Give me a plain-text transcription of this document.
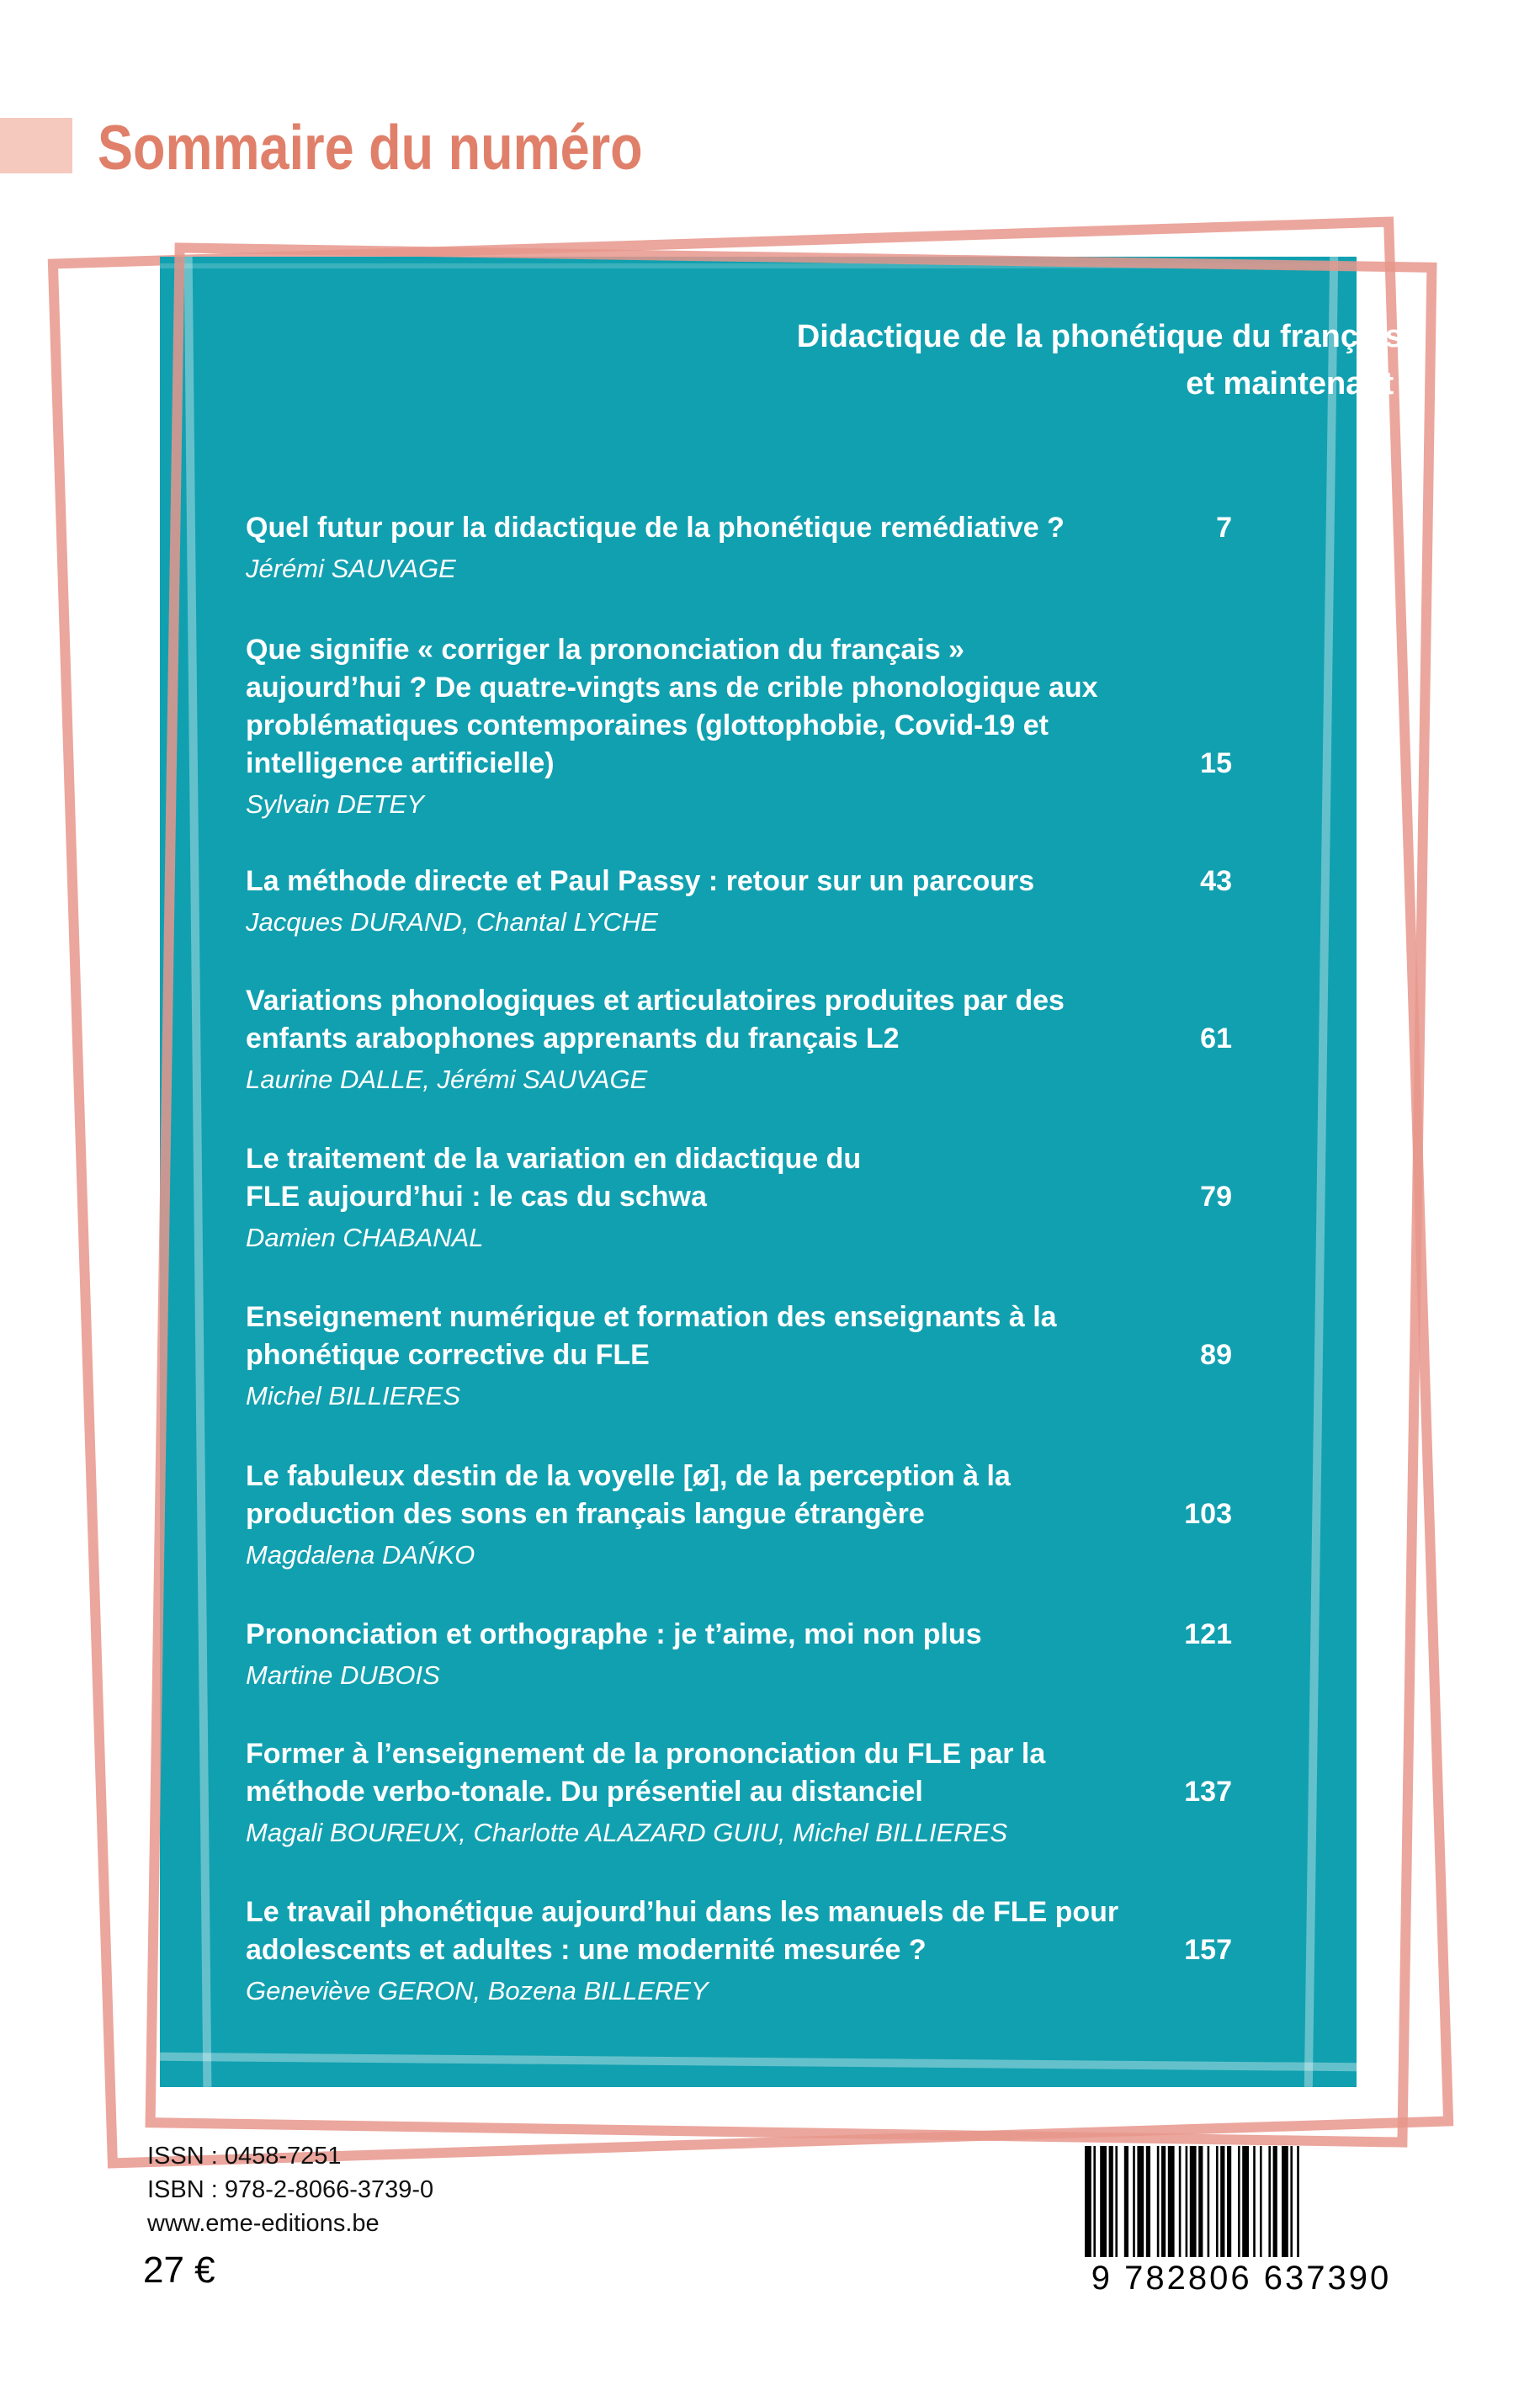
Sommaire du numéro
Didactique de la phonétique du français :
et maintenant ?

Quel futur pour la didactique de la phonétique remédiative ?	7

Jérémi SAUVAGE

Que signifie « corriger la prononciation du français » aujourd’hui ? De quatre-vingts ans de crible phonologique aux problématiques contemporaines (glottophobie, Covid-19 et intelligence artificielle)	15

Sylvain DETEY

La méthode directe et Paul Passy : retour sur un parcours	43

Jacques DURAND, Chantal LYCHE

Variations phonologiques et articulatoires produites par des enfants arabophones apprenants du français L2	61

Laurine DALLE, Jérémi SAUVAGE

Le traitement de la variation en didactique du FLE aujourd’hui : le cas du schwa	79

Damien CHABANAL

Enseignement numérique et formation des enseignants à la phonétique corrective du FLE	89

Michel BILLIERES

Le fabuleux destin de la voyelle [ø], de la perception à la production des sons en français langue étrangère	103

Magdalena DAŃKO

Prononciation et orthographe : je t’aime, moi non plus	121

Martine DUBOIS

Former à l’enseignement de la prononciation du FLE par la méthode verbo-tonale. Du présentiel au distanciel	137

Magali BOUREUX, Charlotte ALAZARD GUIU, Michel BILLIERES

Le travail phonétique aujourd’hui dans les manuels de FLE pour adolescents et adultes : une modernité mesurée ?	157

Geneviève GERON, Bozena BILLEREY

ISSN : 0458-7251
ISBN : 978-2-8066-3739-0
www.eme-editions.be
27 €	9 782806 637390
